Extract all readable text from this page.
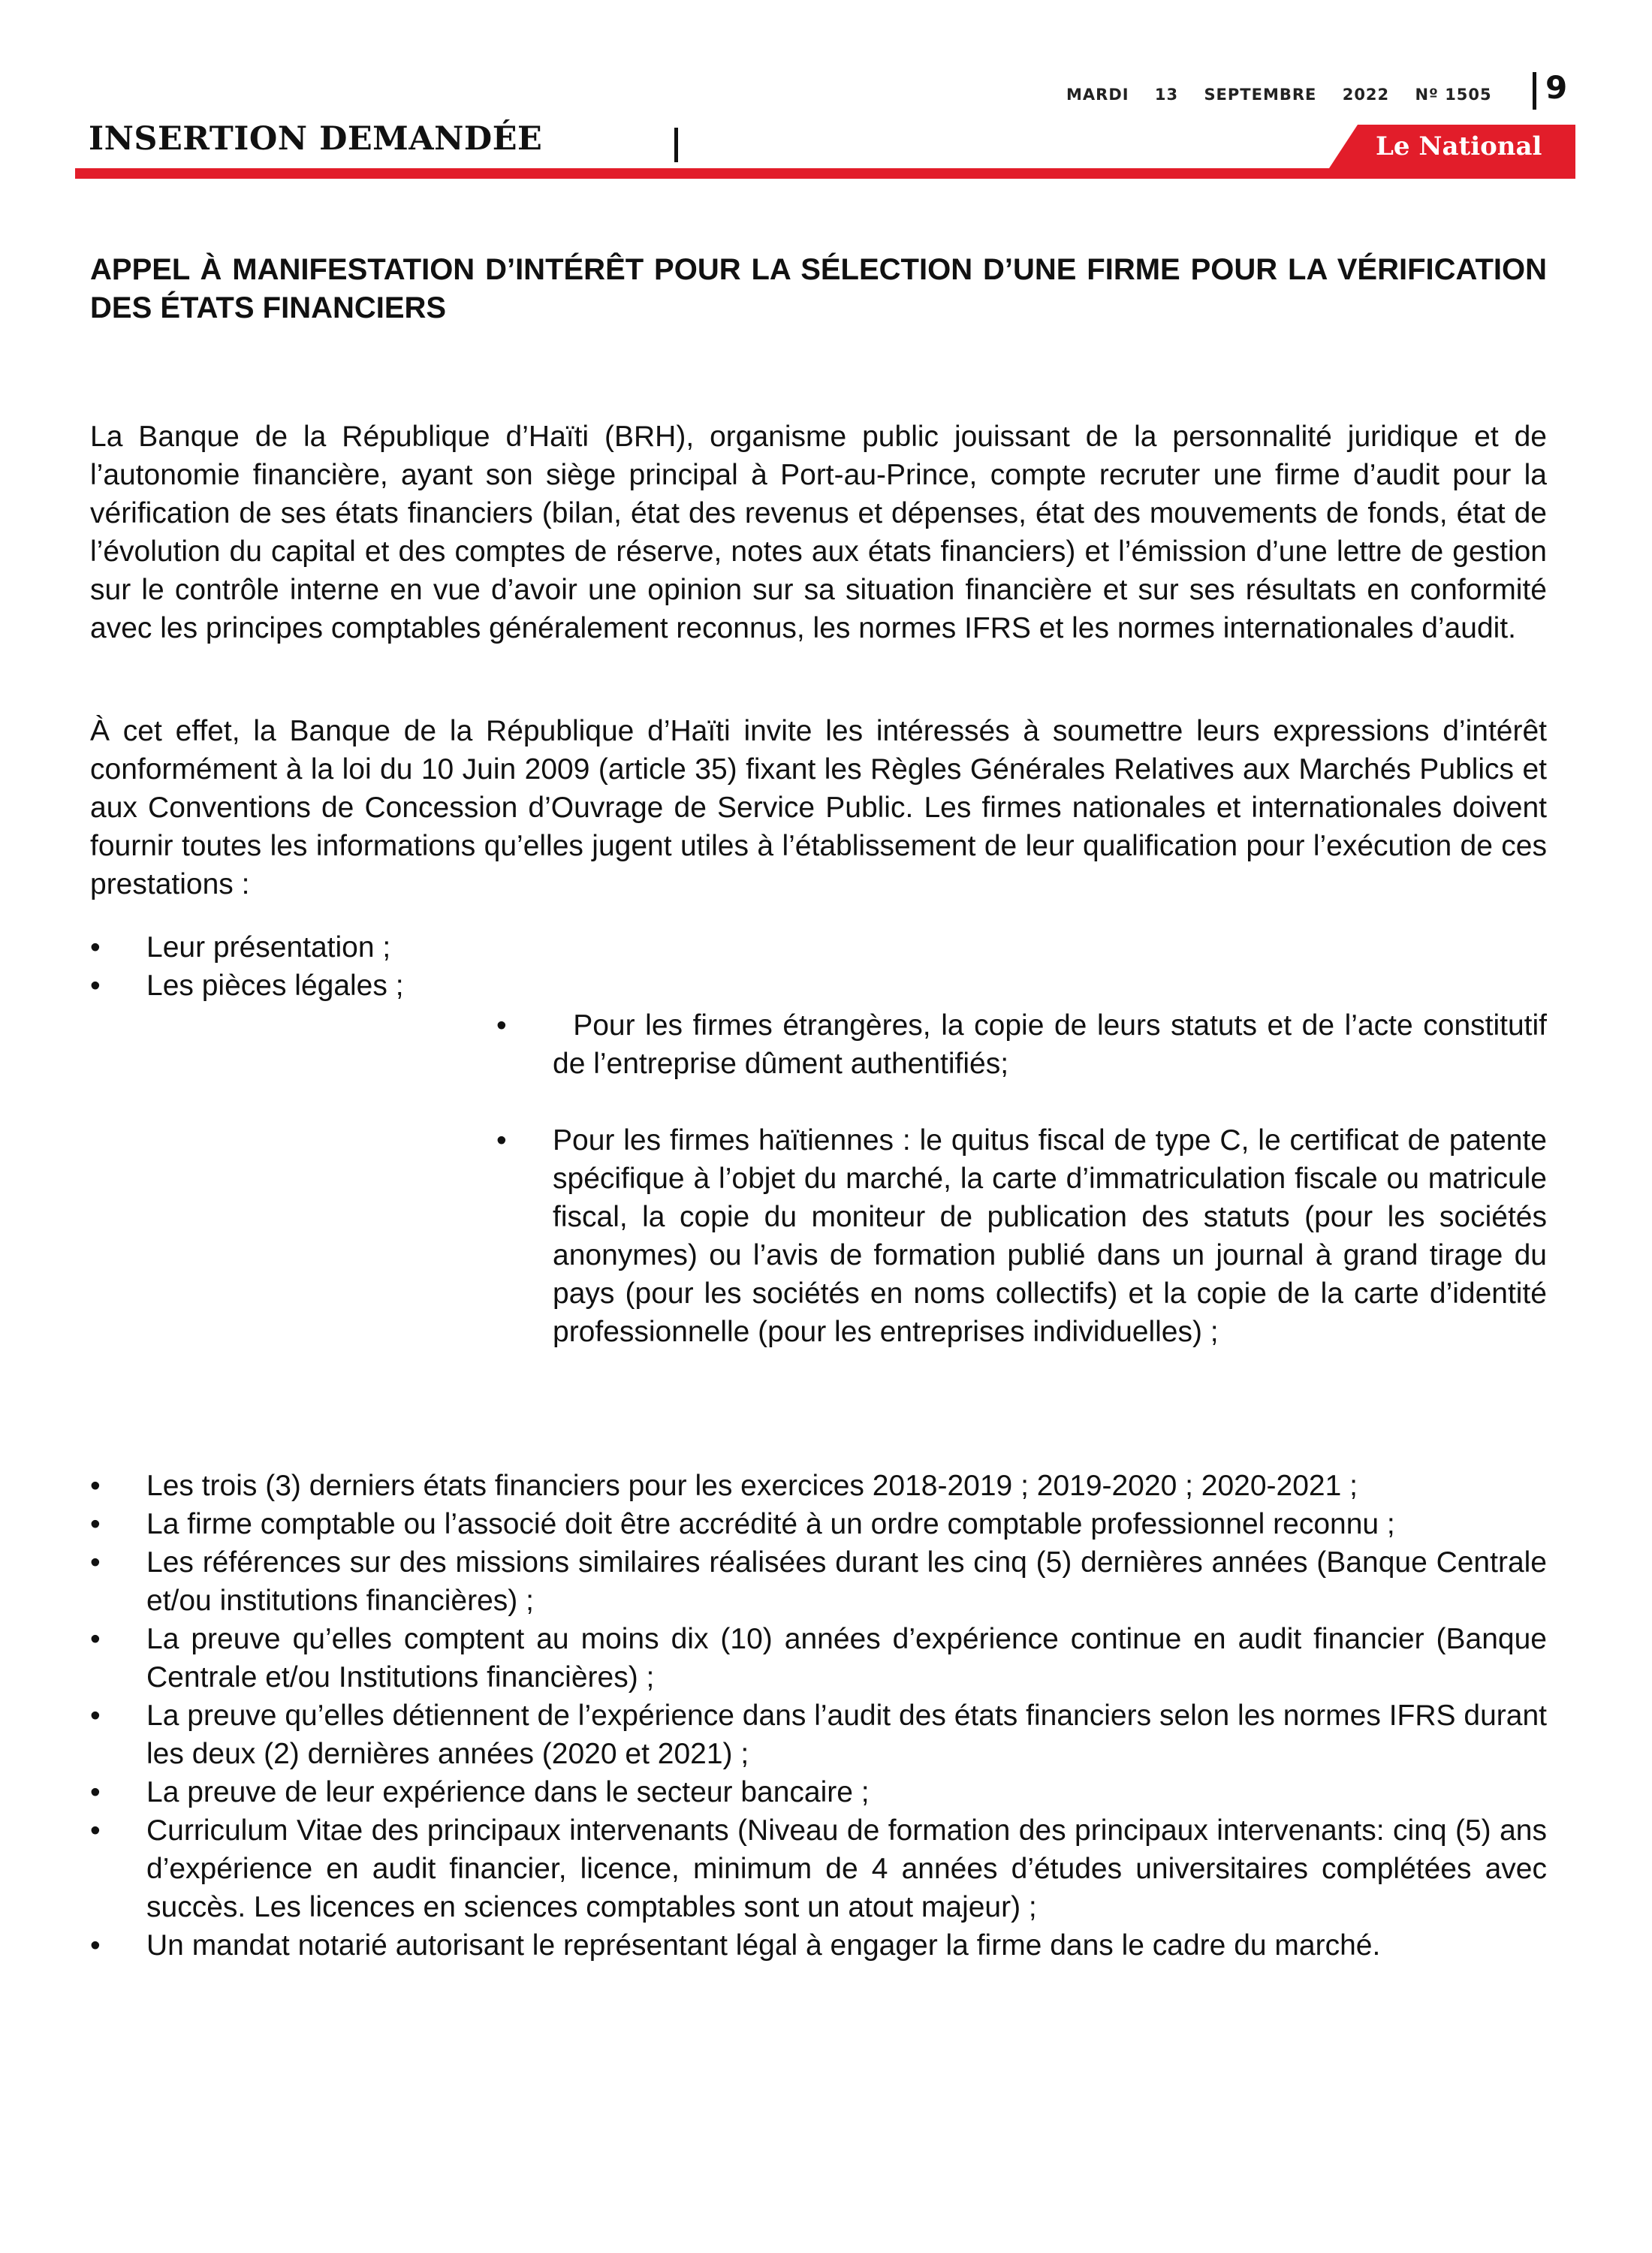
MARDI 13 SEPTEMBRE 2022 Nº 1505 9
INSERTION DEMANDÉE	Le National
APPEL À MANIFESTATION D’INTÉRÊT POUR LA SÉLECTION D’UNE FIRME POUR LA VÉRIFICATION DES ÉTATS FINANCIERS

La Banque de la République d’Haïti (BRH), organisme public jouissant de la personnalité juridique et de l’autonomie financière, ayant son siège principal à Port-au-Prince, compte recruter une firme d’audit pour la vérification de ses états financiers (bilan, état des revenus et dépenses, état des mouvements de fonds, état de l’évolution du capital et des comptes de réserve, notes aux états financiers) et l’émission d’une lettre de gestion sur le contrôle interne en vue d’avoir une opinion sur sa situation financière et sur ses résultats en conformité avec les principes comptables généralement reconnus, les normes IFRS et les normes internationales d’audit.

À cet effet, la Banque de la République d’Haïti invite les intéressés à soumettre leurs expressions d’intérêt conformément à la loi du 10 Juin 2009 (article 35) fixant les Règles Générales Relatives aux Marchés Publics et aux Conventions de Concession d’Ouvrage de Service Public. Les firmes nationales et internationales doivent fournir toutes les informations qu’elles jugent utiles à l’établissement de leur qualification pour l’exécution de ces prestations :

• Leur présentation ;
• Les pièces légales ;
• Pour les firmes étrangères, la copie de leurs statuts et de l’acte constitutif de l’entreprise dûment authentifiés;
• Pour les firmes haïtiennes : le quitus fiscal de type C, le certificat de patente spécifique à l’objet du marché, la carte d’immatriculation fiscale ou matricule fiscal, la copie du moniteur de publication des statuts (pour les sociétés anonymes) ou l’avis de formation publié dans un journal à grand tirage du pays (pour les sociétés en noms collectifs) et la copie de la carte d’identité professionnelle (pour les entreprises individuelles) ;
• Les trois (3) derniers états financiers pour les exercices 2018-2019 ; 2019-2020 ; 2020-2021 ;
• La firme comptable ou l’associé doit être accrédité à un ordre comptable professionnel reconnu ;
• Les références sur des missions similaires réalisées durant les cinq (5) dernières années (Banque Centrale et/ou institutions financières) ;
• La preuve qu’elles comptent au moins dix (10) années d’expérience continue en audit financier (Banque Centrale et/ou Institutions financières) ;
• La preuve qu’elles détiennent de l’expérience dans l’audit des états financiers selon les normes IFRS durant les deux (2) dernières années (2020 et 2021) ;
• La preuve de leur expérience dans le secteur bancaire ;
• Curriculum Vitae des principaux intervenants (Niveau de formation des principaux intervenants: cinq (5) ans d’expérience en audit financier, licence, minimum de 4 années d’études universitaires complétées avec succès. Les licences en sciences comptables sont un atout majeur) ;
• Un mandat notarié autorisant le représentant légal à engager la firme dans le cadre du marché.
